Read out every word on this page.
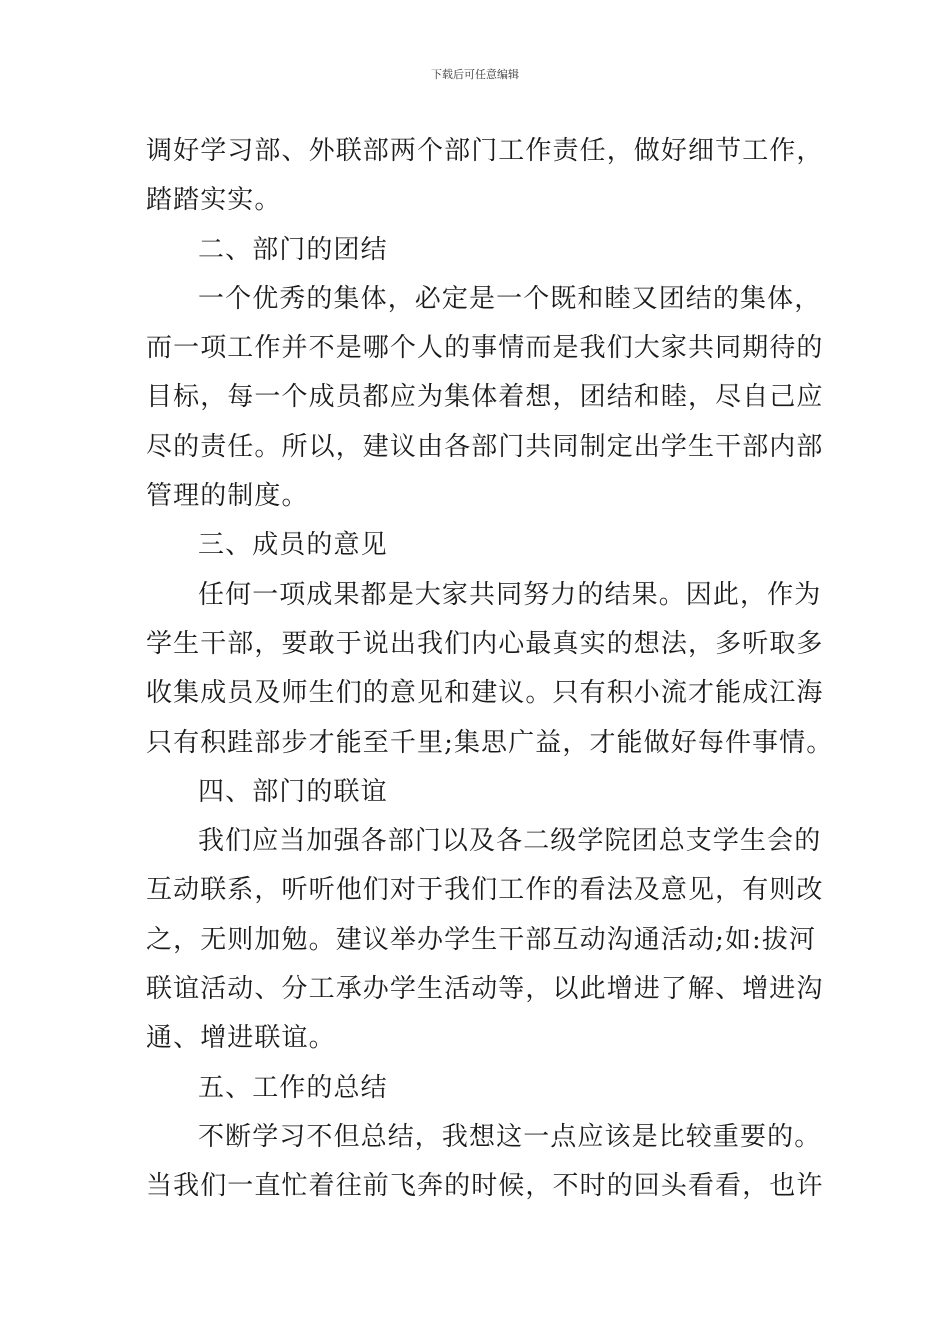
下载后可任意编辑
调好学习部、外联部两个部门工作责任，做好细节工作，
踏踏实实。
二、部门的团结
一个优秀的集体，必定是一个既和睦又团结的集体，
而一项工作并不是哪个人的事情而是我们大家共同期待的
目标，每一个成员都应为集体着想，团结和睦，尽自己应
尽的责任。所以，建议由各部门共同制定出学生干部内部
管理的制度。
三、成员的意见
任何一项成果都是大家共同努力的结果。因此，作为
学生干部，要敢于说出我们内心最真实的想法，多听取多
收集成员及师生们的意见和建议。只有积小流才能成江海
只有积跬部步才能至千里;集思广益，才能做好每件事情。
四、部门的联谊
我们应当加强各部门以及各二级学院团总支学生会的
互动联系，听听他们对于我们工作的看法及意见，有则改
之，无则加勉。建议举办学生干部互动沟通活动;如:拔河
联谊活动、分工承办学生活动等，以此增进了解、增进沟
通、增进联谊。
五、工作的总结
不断学习不但总结，我想这一点应该是比较重要的。
当我们一直忙着往前飞奔的时候，不时的回头看看，也许
